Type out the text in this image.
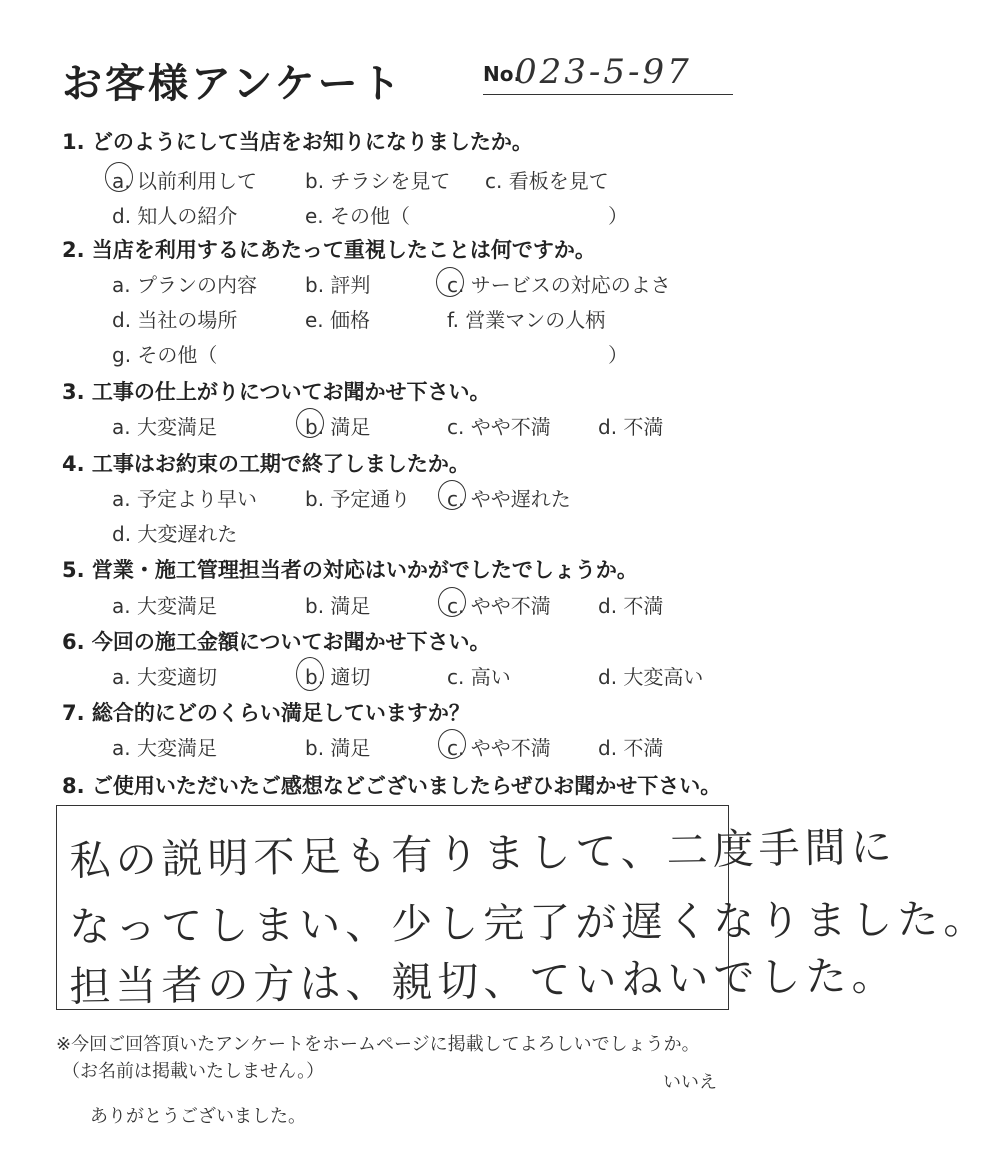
お客様アンケート	No.
023-5-97
1. どのようにして当店をお知りになりましたか。
a. 以前利用して b. チラシを見て c. 看板を見て
d. 知人の紹介	e. その他（	）
2. 当店を利用するにあたって重視したことは何ですか。
a. プランの内容 b. 評判	c. サービスの対応のよさ
d. 当社の場所	e. 価格	f. 営業マンの人柄
g. その他（	）
3. 工事の仕上がりについてお聞かせ下さい。
a. 大変満足	b. 満足	c. やや不満 d. 不満
4. 工事はお約束の工期で終了しましたか。
a. 予定より早い b. 予定通り c. やや遅れた
d. 大変遅れた
5. 営業・施工管理担当者の対応はいかがでしたでしょうか。
a. 大変満足	b. 満足	c. やや不満 d. 不満
6. 今回の施工金額についてお聞かせ下さい。
a. 大変適切	b. 適切	c. 高い	d. 大変高い
7. 総合的にどのくらい満足していますか？
a. 大変満足	b. 満足	c. やや不満 d. 不満
8. ご使用いただいたご感想などございましたらぜひお聞かせ下さい。
私の説明不足も有りまして、二度手間に
なってしまい、少し完了が遅くなりました。
担当者の方は、親切、ていねいでした。
※今回ご回答頂いたアンケートをホームページに掲載してよろしいでしょうか。
（お名前は掲載いたしません。）
いいえ
ありがとうございました。
